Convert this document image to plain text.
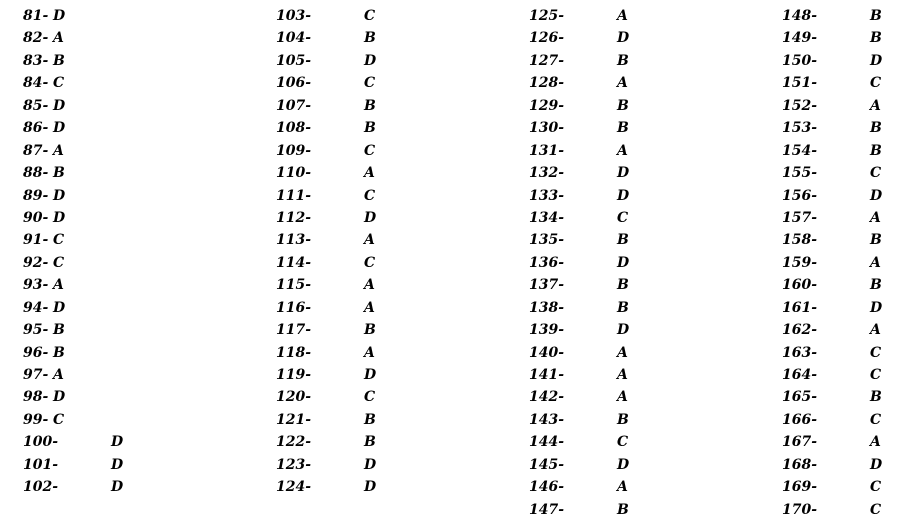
81- D
82- A
83- B
84- C
85- D
86- D
87- A
88- B
89- D
90- D
91- C
92- C
93- A
94- D
95- B
96- B
97- A
98- D
99- C
100-	D
101-	D
102-	D
103-	C
104-	B
105-	D
106-	C
107-	B
108-	B
109-	C
110-	A
111-	C
112-	D
113-	A
114-	C
115-	A
116-	A
117-	B
118-	A
119-	D
120-	C
121-	B
122-	B
123-	D
124-	D
125-	A
126-	D
127-	B
128-	A
129-	B
130-	B
131-	A
132-	D
133-	D
134-	C
135-	B
136-	D
137-	B
138-	B
139-	D
140-	A
141-	A
142-	A
143-	B
144-	C
145-	D
146-	A
147-	B
148-	B
149-	B
150-	D
151-	C
152-	A
153-	B
154-	B
155-	C
156-	D
157-	A
158-	B
159-	A
160-	B
161-	D
162-	A
163-	C
164-	C
165-	B
166-	C
167-	A
168-	D
169-	C
170-	C
